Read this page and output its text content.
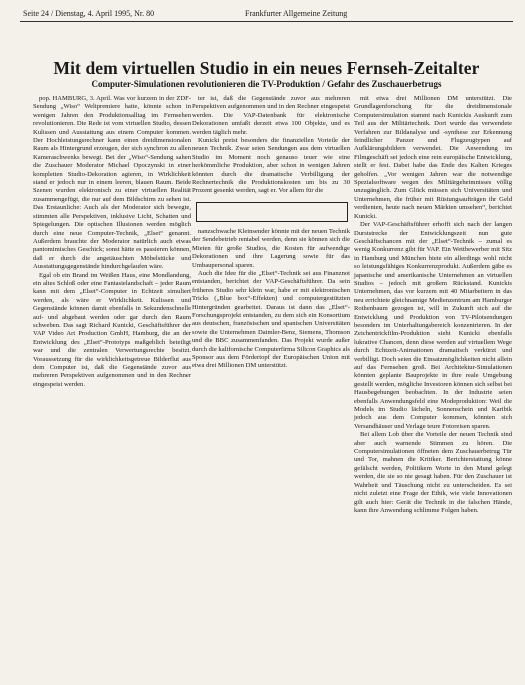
Seite 24 / Dienstag, 4. April 1995, Nr. 80	Frankfurter Allgemeine Zeitung
Mit dem virtuellen Studio in ein neues Fernseh-Zeitalter
Computer-Simulationen revolutionieren die TV-Produktion / Gefahr des Zuschauerbetrugs

pop. HAMBURG, 3. April. Was vor kurzem in der ZDF-Sendung „Wiso“ Weltpremiere hatte, könnte schon in wenigen Jahren den Produktionsalltag im Fernsehen revolutionieren. Die Rede ist vom virtuellen Studio, dessen Kulissen und Ausstattung aus einem Computer kommen. Der Hochleistungsrechner kann einen dreidimensionalen Raum als Hintergrund erzeugen, der sich synchron zu allen Kameraschwenks bewegt. Bei der „Wiso“-Sendung sahen die Zuschauer Moderator Michael Opoczynski in einer kompletten Studio-Dekoration agieren, in Wirklichkeit stand er jedoch nur in einem leeren, blauen Raum. Beide Szenen wurden elektronisch zu einer virtuellen Realität zusammengefügt, die nur auf dem Bildschirm zu sehen ist. Das Erstaunliche: Auch als der Moderator sich bewegte, stimmten alle Perspektiven, inklusive Licht, Schatten und Spiegelungen. Die optischen Illusionen werden möglich durch eine neue Computer-Technik, „Elset“ genannt. Außerdem brauchte der Moderator natürlich auch etwas pantomimisches Geschick; sonst hätte es passieren können, daß er durch die angetäuschten Möbelstücke und Ausstattungsgegenstände hindurchgelaufen wäre.

Egal ob ein Brand im Weißen Haus, eine Mondlandung, ein altes Schloß oder eine Fantasielandschaft – jeder Raum kann mit dem „Elset“-Computer in Echtzeit simuliert werden, als wäre er Wirklichkeit. Kulissen und Gegenstände können damit ebenfalls in Sekundenschnelle auf- und abgebaut werden oder gar durch den Raum schweben. Das sagt Richard Kunicki, Geschäftsführer der VAP Video Art Production GmbH, Hamburg, die an der Entwicklung des „Elset“-Prototyps maßgeblich beteiligt war und die zentralen Verwertungsrechte besitzt. Voraussetzung für die wirklichkeitsgetreue Bilderflut aus dem Computer ist, daß die Gegenstände zuvor aus mehreren Perspektiven aufgenommen und in den Rechner eingespeist werden.

ter ist, daß die Gegenstände zuvor aus mehreren Perspektiven aufgenommen und in den Rechner eingespeist werden. Die VAP-Datenbank für elektronische Dekorationen umfaßt derzeit etwa 100 Objekte, und es werden täglich mehr.

Kunicki preist besonders die finanziellen Vorteile der neuen Technik. Zwar seien Sendungen aus dem virtuellen Studio im Moment noch genauso teuer wie eine herkömmliche Produktion, aber schon in wenigen Jahren könnten durch die dramatische Verbilligung der Rechnertechnik die Produktionskosten um bis zu 30 Prozent gesenkt werden, sagt er. Vor allem für die

nanzschwache Kleinsender könnte mit der neuen Technik der Sendebetrieb rentabel werden, denn sie können sich die Mieten für große Studios, die Kosten für aufwendige Dekorationen und ihre Lagerung sowie für das Umbaupersonal sparen.

Auch die Idee für die „Elset“-Technik sei aus Finanznot entstanden, berichtet der VAP-Geschäftsführer. Da sein früheres Studio sehr klein war, habe er mit elektronischen Tricks („Blue box“-Effekten) und computergestützten Hintergründen gearbeitet. Daraus ist dann das „Elset“-Forschungsprojekt entstanden, zu dem sich ein Konsortium aus deutschen, französischen und spanischen Universitäten sowie die Unternehmen Daimler-Benz, Siemens, Thomson und die BBC zusammenfanden. Das Projekt wurde außer durch die kalifornische Computerfirma Silicon Graphics als Sponsor aus dem Fördertopf der Europäischen Union mit etwa drei Millionen DM unterstützt.

mit etwa drei Millionen DM unterstützt. Die Grundlagenforschung für die dreidimensionale Computersimulation stammt nach Kunickis Auskunft zum Teil aus der Militärtechnik. Dort wurde das verwendete Verfahren zur Bildanalyse und -synthese zur Erkennung feindlicher Panzer und Flugzeugtypen auf Aufklärungsbildern verwendet. Die Anwendung im Filmgeschäft sei jedoch eine rein europäische Entwicklung, stellt er fest. Dabei habe das Ende des Kalten Krieges geholfen. „Vor wenigen Jahren war die notwendige Spezialsoftware wegen des Militärgeheimnisses völlig unzugänglich. Zum Glück müssen sich Universitäten und Unternehmen, die früher mit Rüstungsaufträgen ihr Geld verdienten, heute nach neuen Märkten umsehen“, berichtet Kunicki.

Der VAP-Geschäftsführer erhofft sich nach der langen Durststrecke der Entwicklungszeit nun gute Geschäftschancen mit der „Elset“-Technik – zumal es wenig Konkurrenz gibt für VAP. Ein Wettbewerber mit Sitz in Hamburg und München biete ein allerdings wohl nicht so leistungsfähiges Konkurrenzprodukt. Außerdem gäbe es japanische und amerikanische Unternehmen an virtuellen Studios – jedoch mit großem Rückstand. Kunickis Unternehmen, das vor kurzem mit 40 Mitarbeitern in das neu errichtete gleichnamige Medienzentrum am Hamburger Rothenbaum gezogen ist, will in Zukunft sich auf die Entwicklung und Produktion von TV-Pilotsendungen besonders im Unterhaltungsbereich konzentrieren. In der Zeichentrickfilm-Produktion sieht Kunicki ebenfalls lukrative Chancen, denn diese werden auf virtuellem Wege durch Echtzeit-Animationen dramatisch verkürzt und verbilligt. Doch seien die Einsatzmöglichkeiten nicht allein auf das Fernsehen groß. Bei Architektur-Simulationen könnten geplante Bauprojekte in ihre reale Umgebung gestellt werden, mögliche Investoren können sich selbst bei Hausbegehungen beobachten. In der Industrie seien ebenfalls Anwendungsfeld eine Modeproduktion: Weil die Models im Studio lächeln, Sonnenschein und Karibik jedoch aus dem Computer kommen, könnten sich Versandhäuser und Verlage teure Fotoreisen sparen.

Bei allem Lob über die Vorteile der neuen Technik sind aber auch warnende Stimmen zu hören. Die Computersimulationen öffneten dem Zuschauerbetrug Tür und Tor, mahnen die Kritiker. Berichterstattung könne gefälscht werden, Politikern Worte in den Mund gelegt werden, die sie so nie gesagt haben. Für den Zuschauer ist Wahrheit und Täuschung nicht zu unterscheiden. Es sei nicht zuletzt eine Frage der Ethik, wie viele Innovationen gilt auch hier: Gerät die Technik in die falschen Hände, kann ihre Anwendung schlimme Folgen haben.
